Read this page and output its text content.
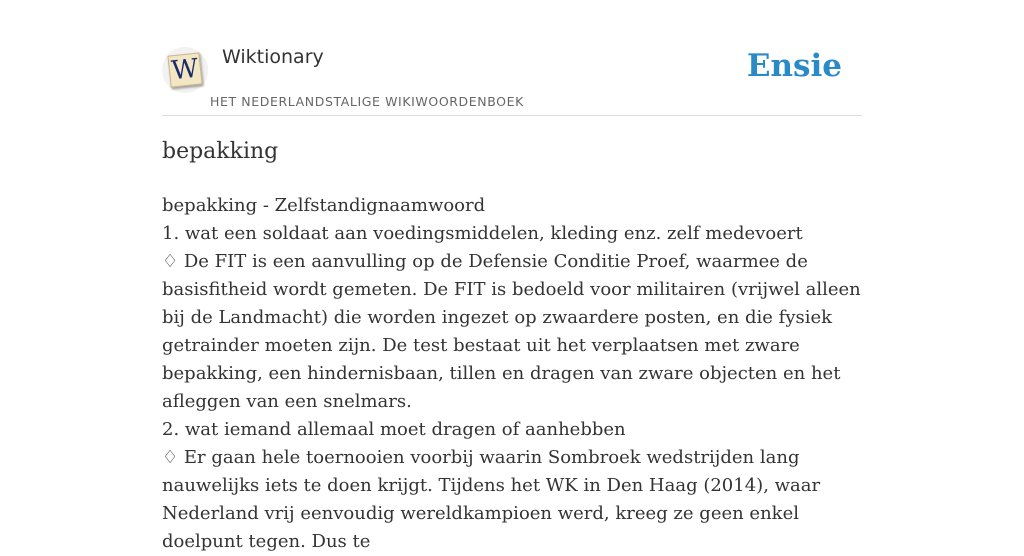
W Wiktionary
HET NEDERLANDSTALIGE WIKIWOORDENBOEK
Ensie
bepakking

bepakking - Zelfstandignaamwoord

1. wat een soldaat aan voedingsmiddelen, kleding enz. zelf medevoert

♢ De FIT is een aanvulling op de Defensie Conditie Proef, waarmee de basisfitheid wordt gemeten. De FIT is bedoeld voor militairen (vrijwel alleen bij de Landmacht) die worden ingezet op zwaardere posten, en die fysiek getrainder moeten zijn. De test bestaat uit het verplaatsen met zware bepakking, een hindernisbaan, tillen en dragen van zware objecten en het afleggen van een snelmars.

2. wat iemand allemaal moet dragen of aanhebben

♢ Er gaan hele toernooien voorbij waarin Sombroek wedstrijden lang nauwelijks iets te doen krijgt. Tijdens het WK in Den Haag (2014), waar Nederland vrij eenvoudig wereldkampioen werd, kreeg ze geen enkel doelpunt tegen. Dus te
